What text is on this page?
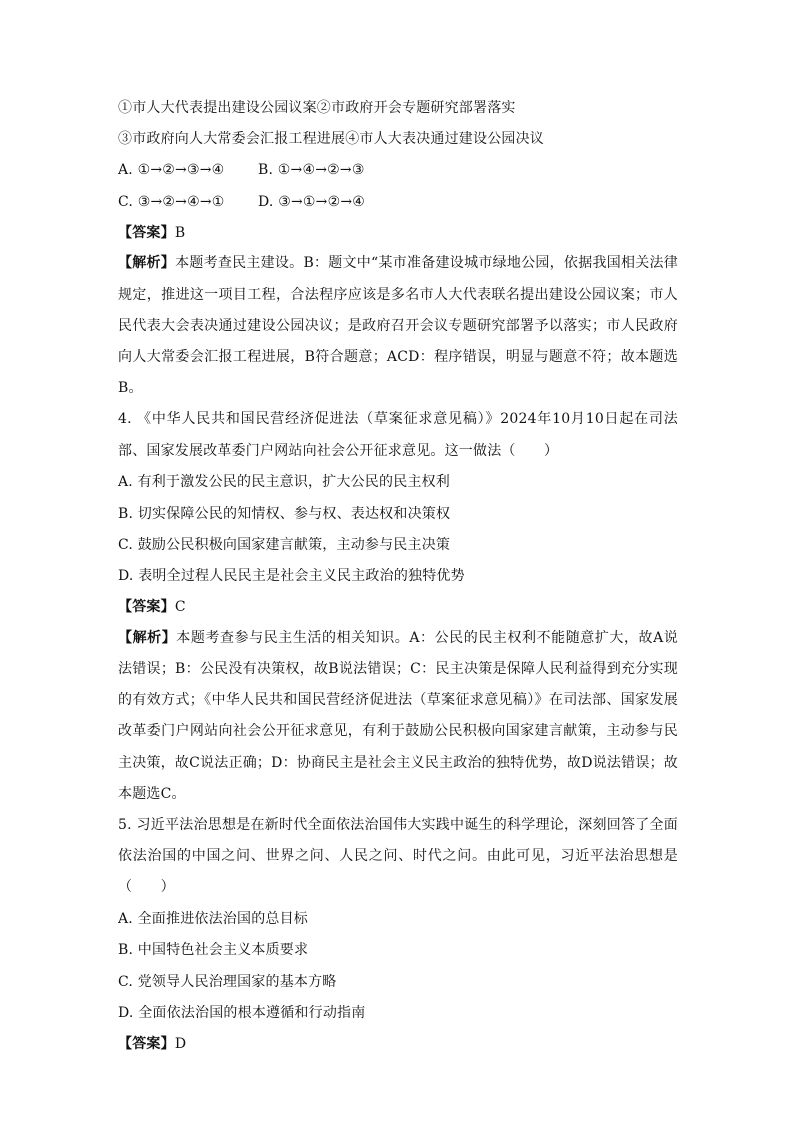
①市人大代表提出建设公园议案②市政府开会专题研究部署落实
③市政府向人大常委会汇报工程进展④市人大表决通过建设公园决议
A. ①→②→③→④	B. ①→④→②→③
C. ③→②→④→①	D. ③→①→②→④
【答案】B
【解析】本题考查民主建设。B：题文中“某市准备建设城市绿地公园，依据我国相关法律规定，推进这一项目工程，合法程序应该是多名市人大代表联名提出建设公园议案；市人民代表大会表决通过建设公园决议；是政府召开会议专题研究部署予以落实；市人民政府向人大常委会汇报工程进展，B符合题意；ACD：程序错误，明显与题意不符；故本题选B。
4. 《中华人民共和国民营经济促进法（草案征求意见稿）》2024年10月10日起在司法部、国家发展改革委门户网站向社会公开征求意见。这一做法（　　）
A. 有利于激发公民的民主意识，扩大公民的民主权利
B. 切实保障公民的知情权、参与权、表达权和决策权
C. 鼓励公民积极向国家建言献策，主动参与民主决策
D. 表明全过程人民民主是社会主义民主政治的独特优势
【答案】C
【解析】本题考查参与民主生活的相关知识。A：公民的民主权利不能随意扩大，故A说法错误；B：公民没有决策权，故B说法错误；C：民主决策是保障人民利益得到充分实现的有效方式；《中华人民共和国民营经济促进法（草案征求意见稿）》在司法部、国家发展改革委门户网站向社会公开征求意见，有利于鼓励公民积极向国家建言献策，主动参与民主决策，故C说法正确；D：协商民主是社会主义民主政治的独特优势，故D说法错误；故本题选C。
5. 习近平法治思想是在新时代全面依法治国伟大实践中诞生的科学理论，深刻回答了全面依法治国的中国之问、世界之问、人民之问、时代之问。由此可见，习近平法治思想是（　　）
A. 全面推进依法治国的总目标
B. 中国特色社会主义本质要求
C. 党领导人民治理国家的基本方略
D. 全面依法治国的根本遵循和行动指南
【答案】D
